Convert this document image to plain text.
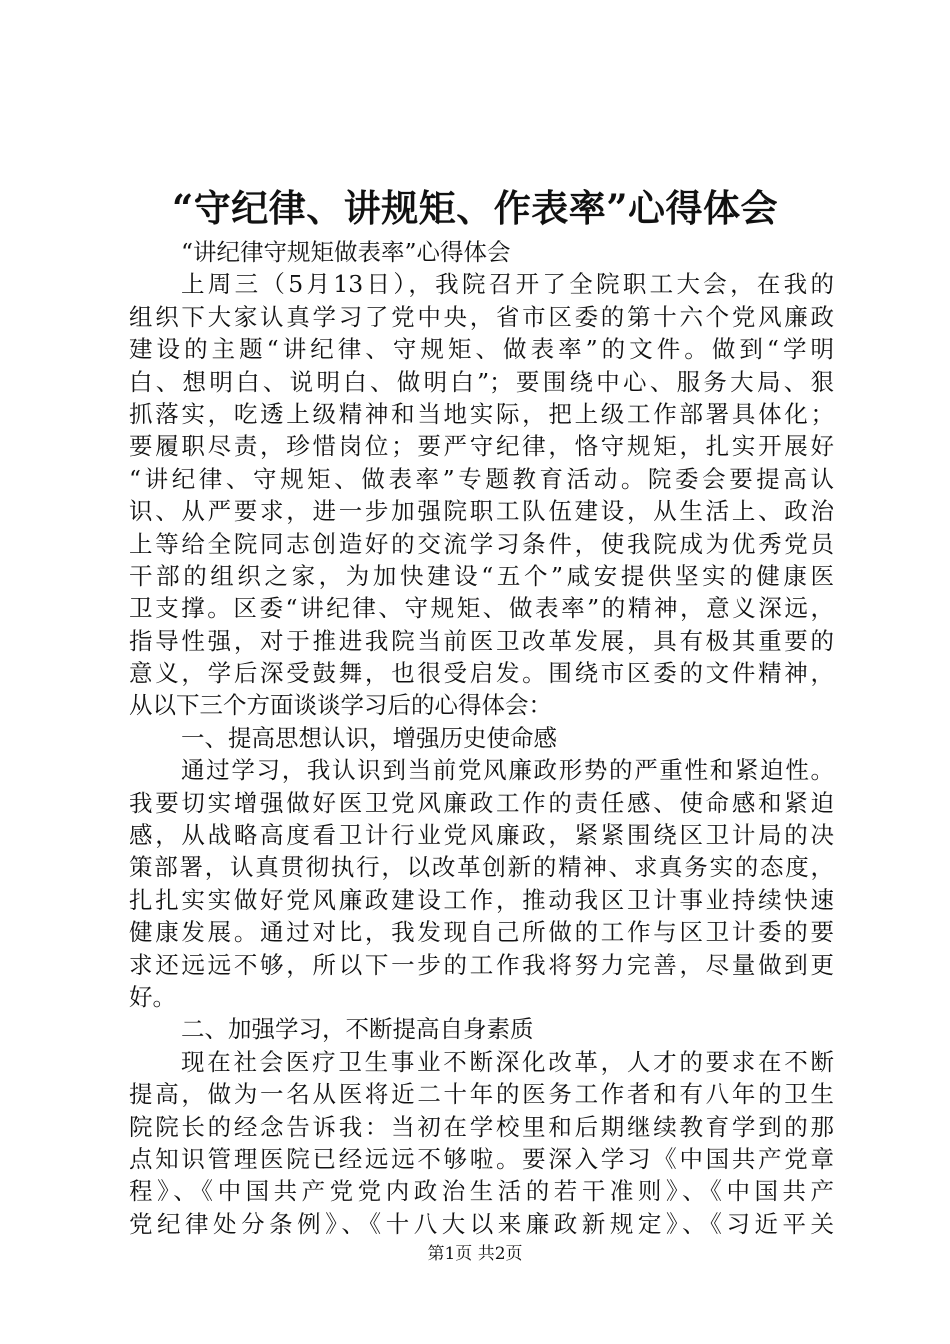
“守纪律、讲规矩、作表率”心得体会
“讲纪律守规矩做表率”心得体会
上周三（5月13日），我院召开了全院职工大会，在我的
组织下大家认真学习了党中央，省市区委的第十六个党风廉政
建设的主题“讲纪律、守规矩、做表率”的文件。做到“学明
白、想明白、说明白、做明白”；要围绕中心、服务大局、狠
抓落实，吃透上级精神和当地实际，把上级工作部署具体化；
要履职尽责，珍惜岗位；要严守纪律，恪守规矩，扎实开展好
“讲纪律、守规矩、做表率”专题教育活动。院委会要提高认
识、从严要求，进一步加强院职工队伍建设，从生活上、政治
上等给全院同志创造好的交流学习条件，使我院成为优秀党员
干部的组织之家，为加快建设“五个”咸安提供坚实的健康医
卫支撑。区委“讲纪律、守规矩、做表率”的精神，意义深远，
指导性强，对于推进我院当前医卫改革发展，具有极其重要的
意义，学后深受鼓舞，也很受启发。围绕市区委的文件精神，
从以下三个方面谈谈学习后的心得体会：
一、提高思想认识，增强历史使命感
通过学习，我认识到当前党风廉政形势的严重性和紧迫性。
我要切实增强做好医卫党风廉政工作的责任感、使命感和紧迫
感，从战略高度看卫计行业党风廉政，紧紧围绕区卫计局的决
策部署，认真贯彻执行，以改革创新的精神、求真务实的态度，
扎扎实实做好党风廉政建设工作，推动我区卫计事业持续快速
健康发展。通过对比，我发现自己所做的工作与区卫计委的要
求还远远不够，所以下一步的工作我将努力完善，尽量做到更
好。
二、加强学习，不断提高自身素质
现在社会医疗卫生事业不断深化改革，人才的要求在不断
提高，做为一名从医将近二十年的医务工作者和有八年的卫生
院院长的经念告诉我：当初在学校里和后期继续教育学到的那
点知识管理医院已经远远不够啦。要深入学习《中国共产党章
程》、《中国共产党党内政治生活的若干准则》、《中国共产
党纪律处分条例》、《十八大以来廉政新规定》、《习近平关
第1页 共2页
